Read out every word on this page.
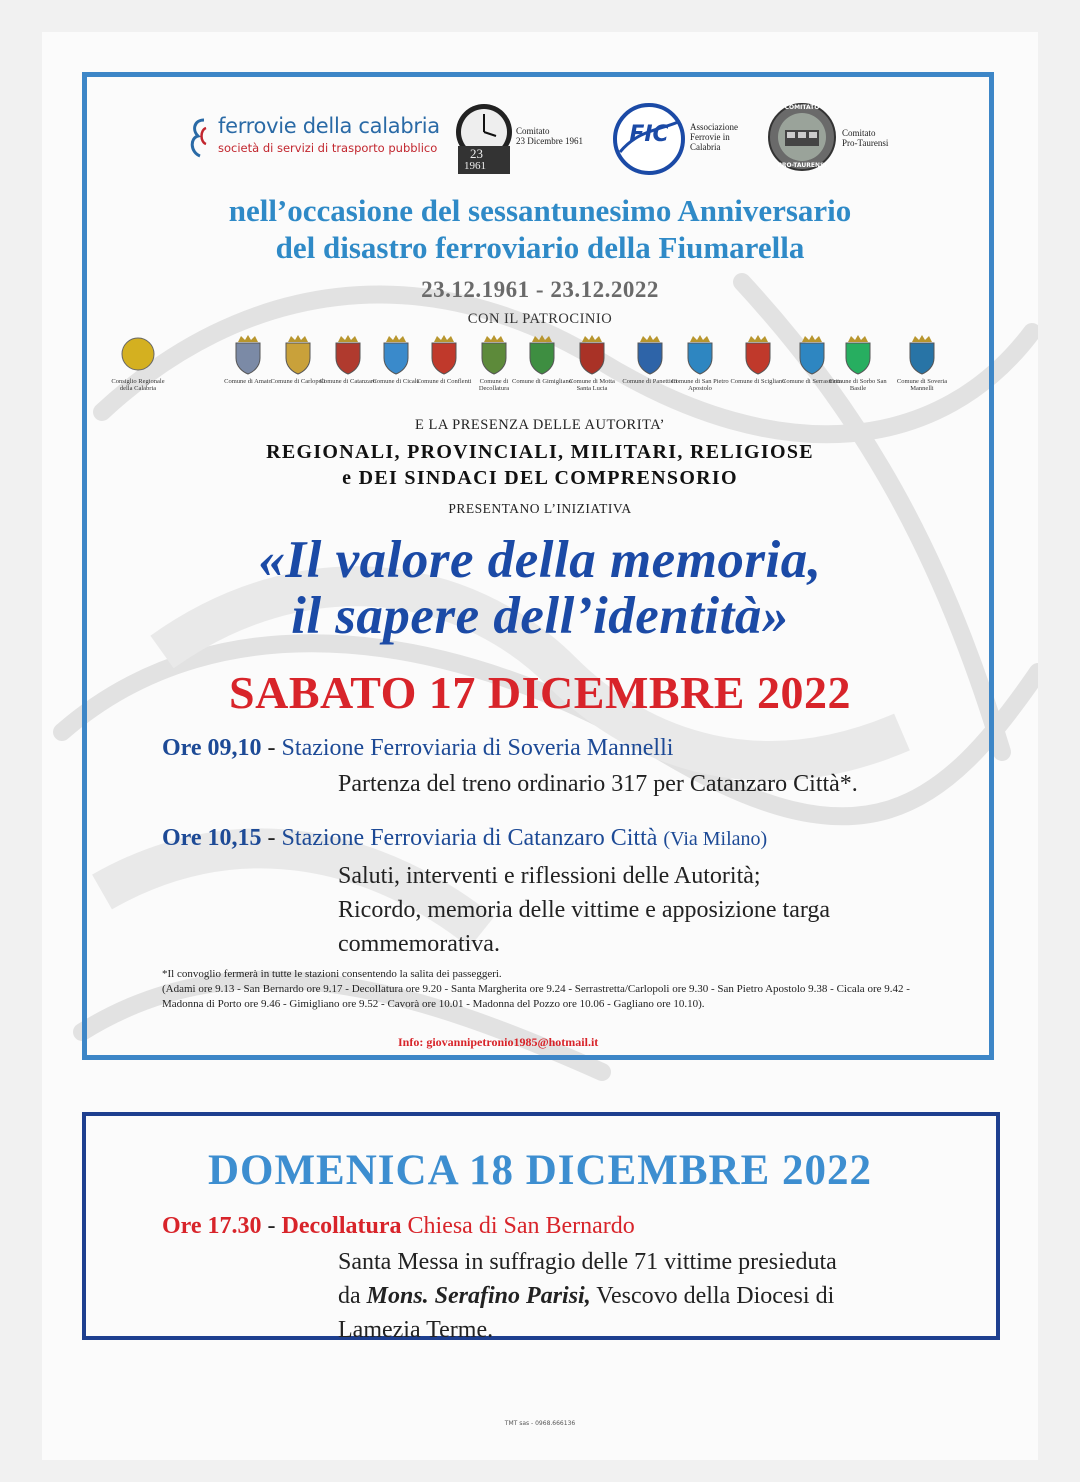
ferrovie della calabria
società di servizi di trasporto pubblico	23
1961
Comitato
23 Dicembre 1961 FIC	Associazione
Ferrovie in
Calabria
COMITATO
PRO-TAURENSI
Comitato
Pro-Taurensi
nell’occasione del sessantunesimo Anniversario
del disastro ferroviario della Fiumarella
23.12.1961 - 23.12.2022
CON IL PATROCINIO
Consiglio Regionale della Calabria
Comune di Amato
Comune di Carlopoli
Comune di Catanzaro
Comune di Cicala
Comune di Conflenti	Comune di Decollatura
Comune di Gimigliano
Comune di Motta Santa Lucia
Comune di Panettieri
Comune di San Pietro Apostolo
Comune di Scigliano
Comune di Serrastretta
Comune di Sorbo San Basile
Comune di Soveria Mannelli
E LA PRESENZA DELLE AUTORITA’
REGIONALI, PROVINCIALI, MILITARI, RELIGIOSE
e DEI SINDACI DEL COMPRENSORIO
PRESENTANO L’INIZIATIVA
«Il valore della memoria,
il sapere dell’identità»
SABATO 17 DICEMBRE 2022
Ore 09,10 - Stazione Ferroviaria di Soveria Mannelli
Partenza del treno ordinario 317 per Catanzaro Città*.
Ore 10,15 - Stazione Ferroviaria di Catanzaro Città (Via Milano)
Saluti, interventi e riflessioni delle Autorità;
Ricordo, memoria delle vittime e apposizione targa
commemorativa.
*Il convoglio fermerà in tutte le stazioni consentendo la salita dei passeggeri.
(Adami ore 9.13 - San Bernardo ore 9.17 - Decollatura ore 9.20 - Santa Margherita ore 9.24 - Serrastretta/Carlopoli ore 9.30 - San Pietro Apostolo 9.38 - Cicala ore 9.42 - Madonna di Porto ore 9.46 - Gimigliano ore 9.52 - Cavorà ore 10.01 - Madonna del Pozzo ore 10.06 - Gagliano ore 10.10).
Info: giovannipetronio1985@hotmail.it
DOMENICA 18 DICEMBRE 2022
Ore 17.30 - Decollatura Chiesa di San Bernardo
Santa Messa in suffragio delle 71 vittime presieduta
da Mons. Serafino Parisi, Vescovo della Diocesi di
Lamezia Terme.
TMT sas - 0968.666136
